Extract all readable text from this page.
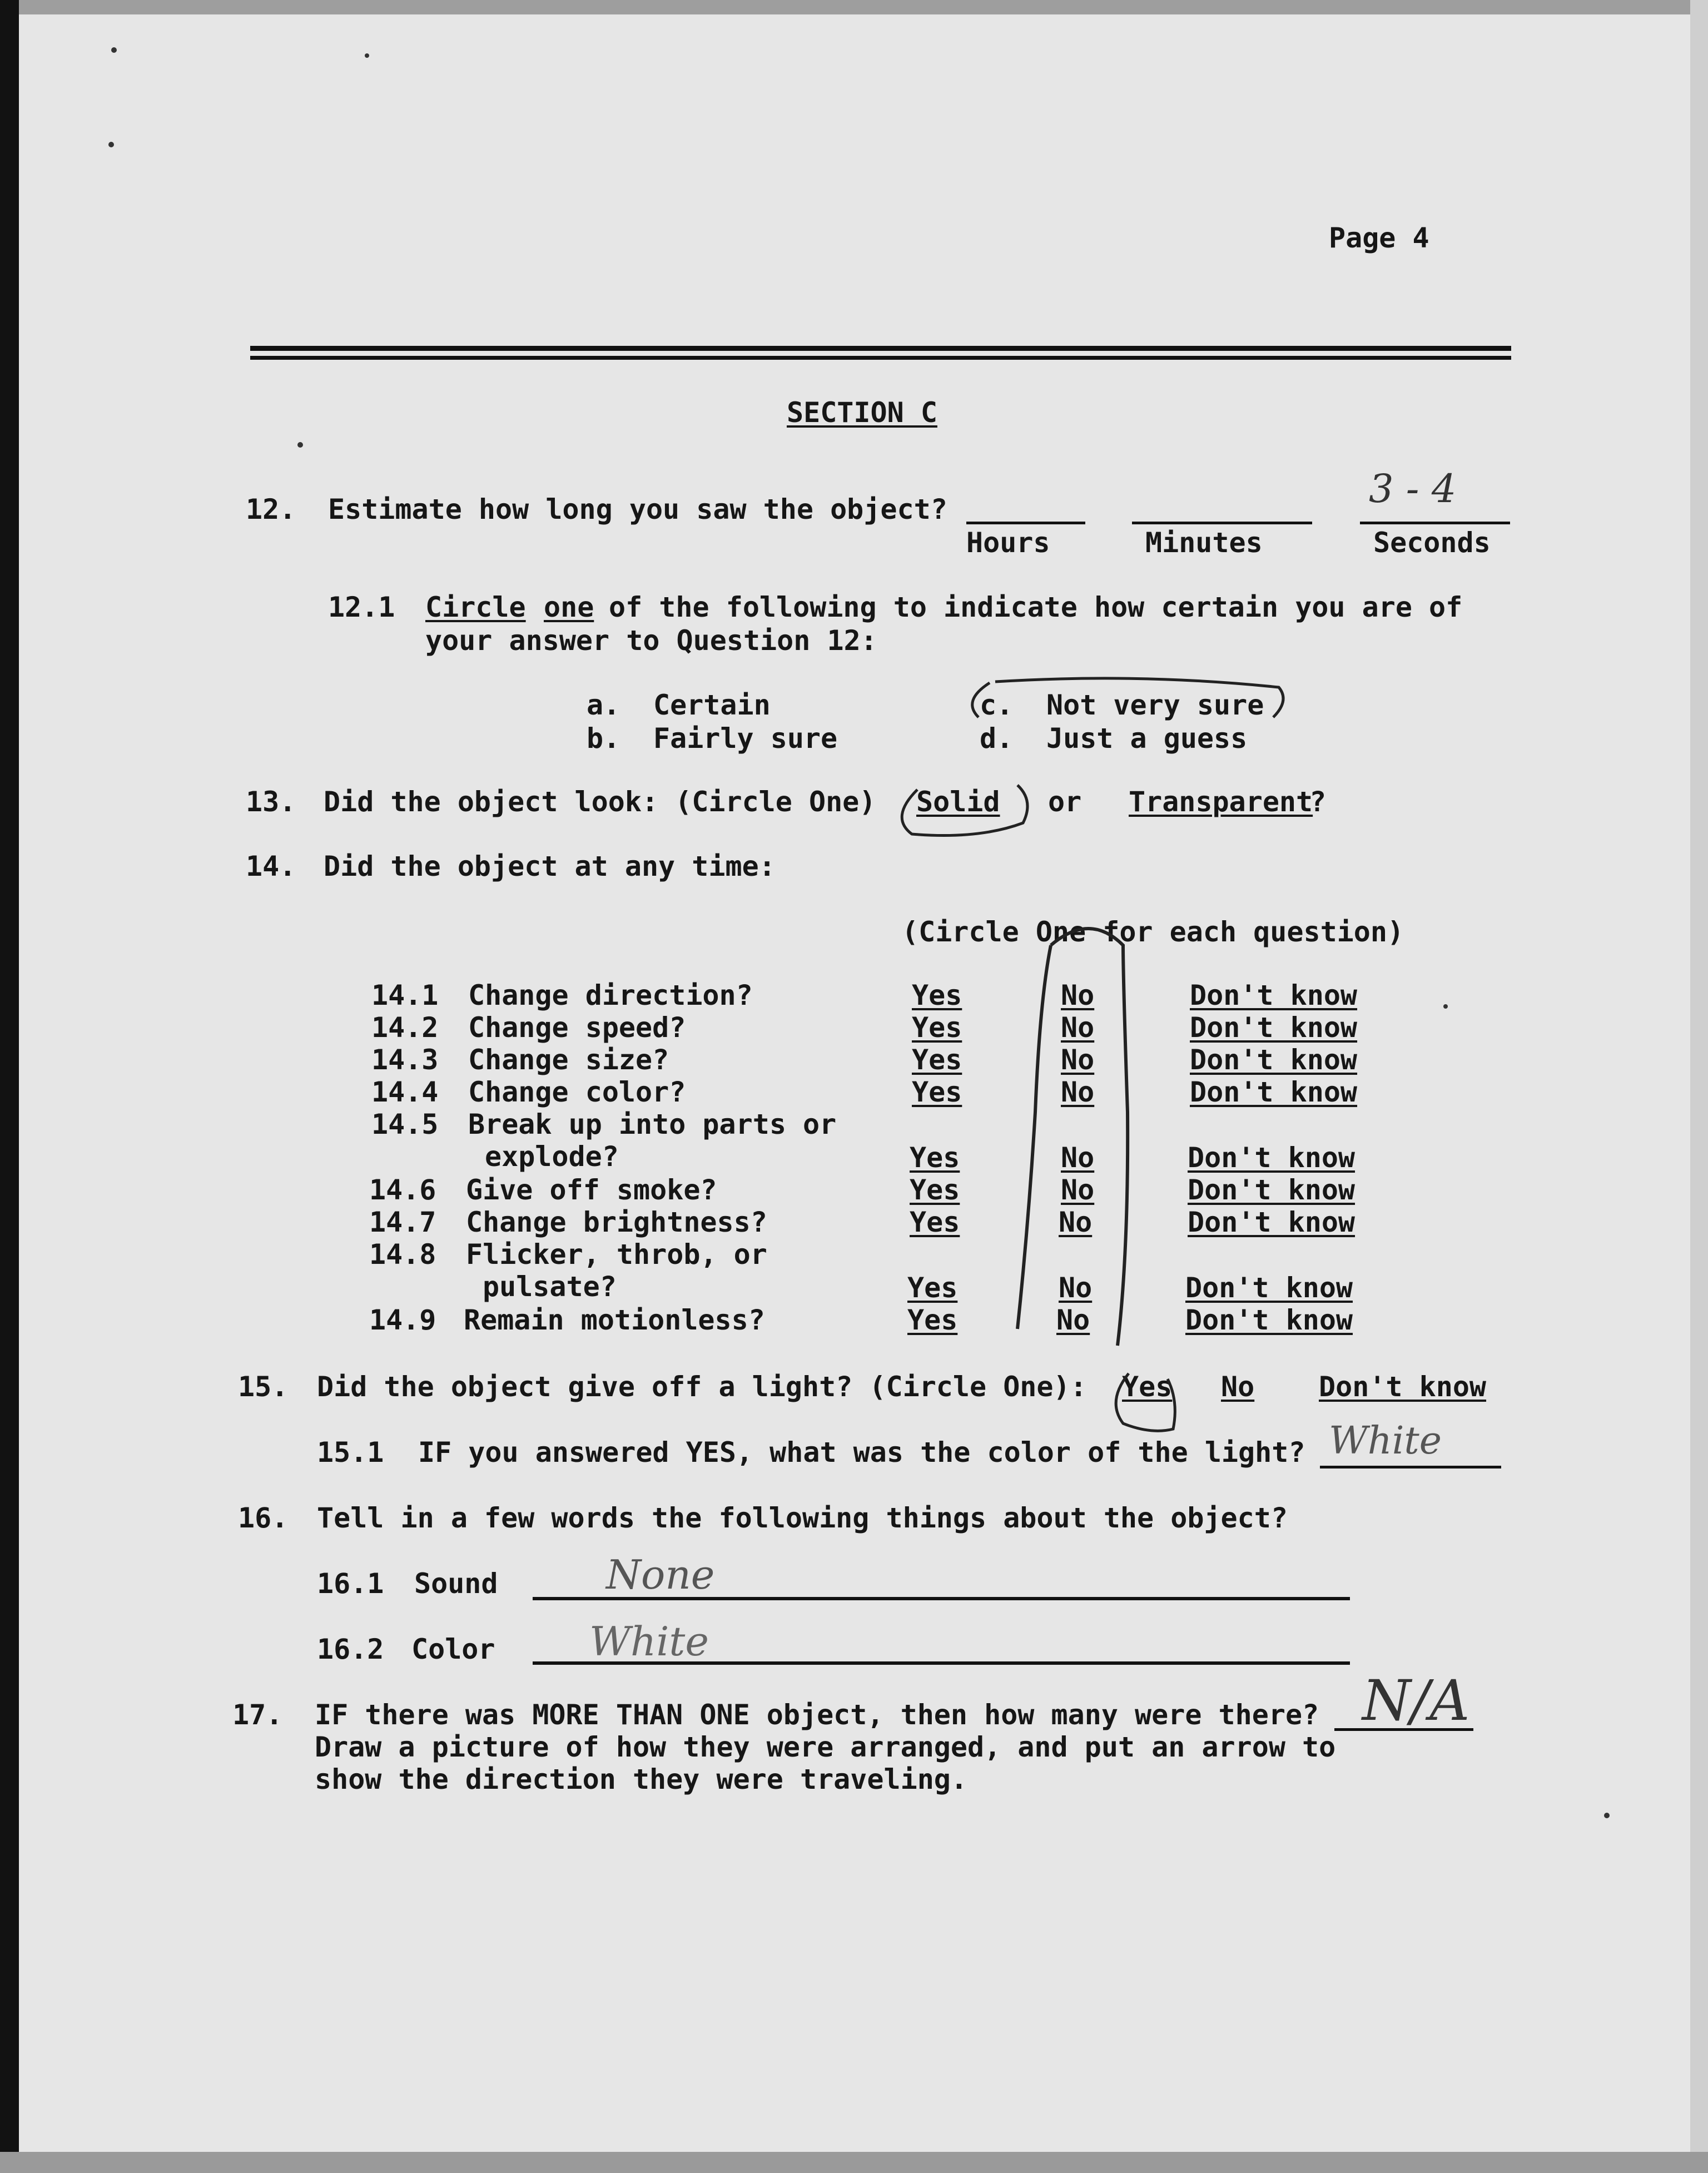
Page 4
SECTION C
12. Estimate how long you saw the object?
Hours	Minutes	Seconds
3 - 4
12.1 Circle one of the following to indicate how certain you are of
your answer to Question 12:
a. Certain
b. Fairly sure
c. Not very sure
d. Just a guess
13. Did the object look: (Circle One) Solid or Transparent
?
14. Did the object at any time:
(Circle One for each question)
14.1 Change direction?	Yes	No	Don't know
14.2 Change speed?	Yes	No	Don't know
14.3 Change size?	Yes	No	Don't know
14.4 Change color?	Yes	No	Don't know
14.5 Break up into parts or
explode?	Yes	No	Don't know
14.6 Give off smoke?	Yes	No	Don't know
14.7 Change brightness?	Yes	No	Don't know
14.8 Flicker, throb, or
pulsate?	Yes	No	Don't know
14.9 Remain motionless?	Yes	No	Don't know
15. Did the object give off a light? (Circle One): Yes No Don't know
15.1 IF you answered YES, what was the color of the light? White
16. Tell in a few words the following things about the object?
16.1 Sound	None
16.2 Color White
17. IF there was MORE THAN ONE object, then how many were there?
Draw a picture of how they were arranged, and put an arrow to
show the direction they were traveling.
N/A
